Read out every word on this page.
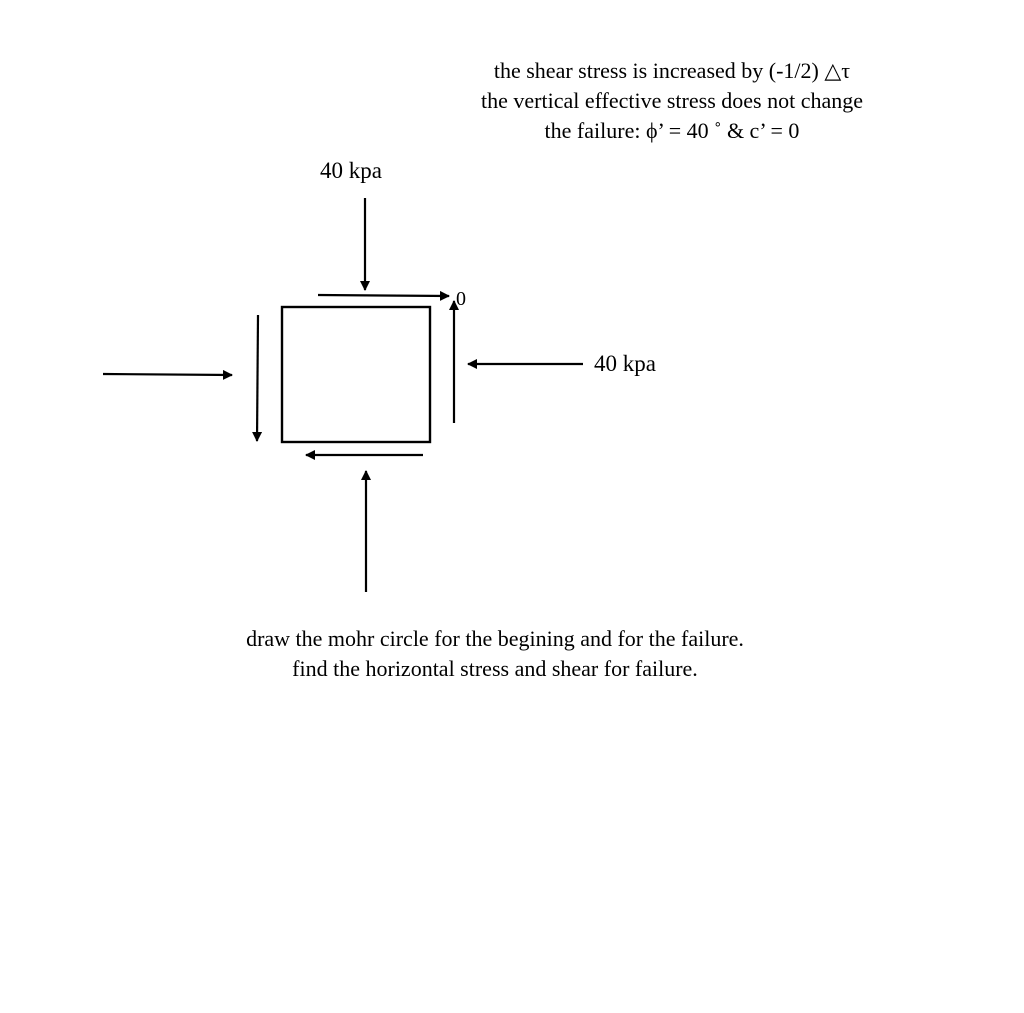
the shear stress is increased by (-1/2) △τ
the vertical effective stress does not change
the failure: ϕ’ = 40 ˚ & c’ = 0
40 kpa
40 kpa
0
draw the mohr circle for the begining and for the failure.
find the horizontal stress and shear for failure.
